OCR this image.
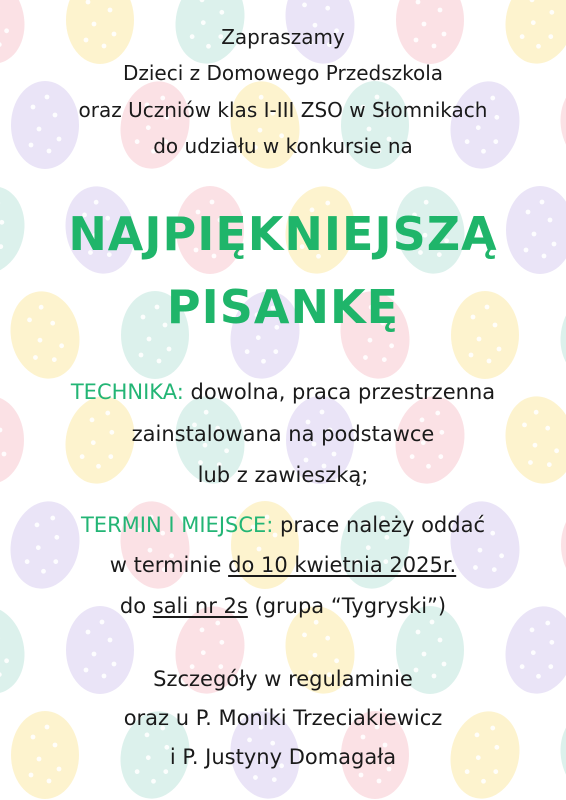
Zapraszamy
Dzieci z Domowego Przedszkola
oraz Uczniów klas I-III ZSO w Słomnikach
do udziału w konkursie na
NAJPIĘKNIEJSZĄ
PISANKĘ
TECHNIKA: dowolna, praca przestrzenna
zainstalowana na podstawce
lub z zawieszką;
TERMIN I MIEJSCE: prace należy oddać
w terminie do 10 kwietnia 2025r.
do sali nr 2s (grupa “Tygryski”)
Szczegóły w regulaminie
oraz u P. Moniki Trzeciakiewicz
i P. Justyny Domagała
